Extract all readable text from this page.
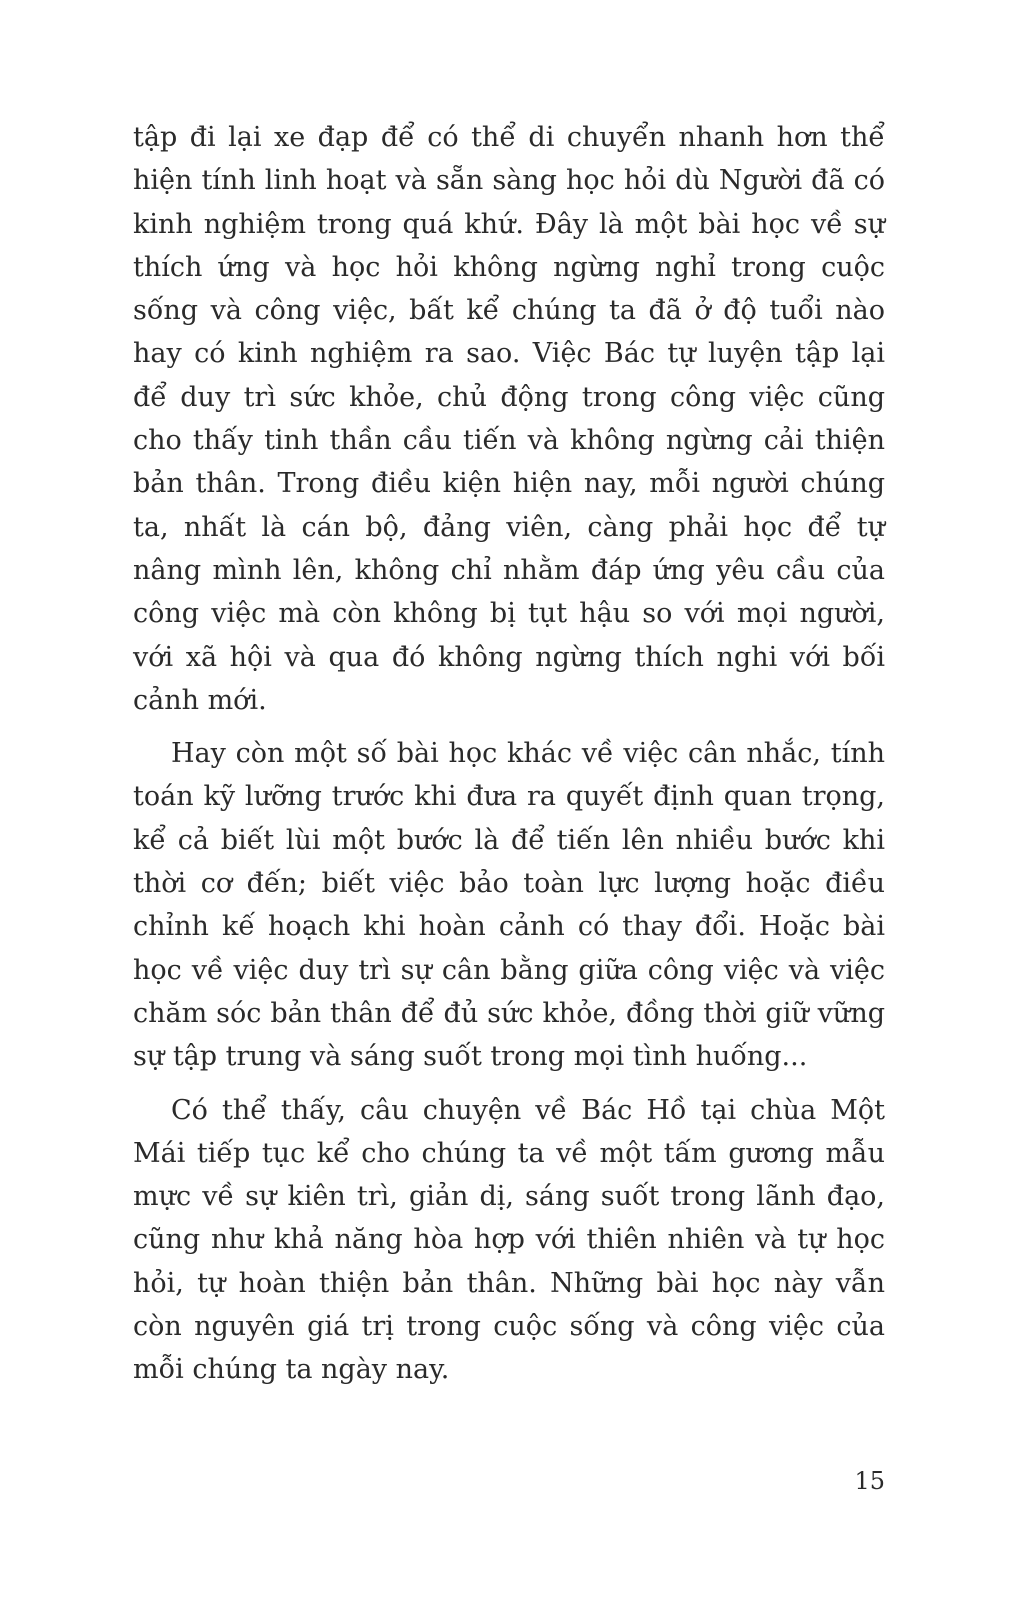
tập đi lại xe đạp để có thể di chuyển nhanh hơn thể hiện tính linh hoạt và sẵn sàng học hỏi dù Người đã có kinh nghiệm trong quá khứ. Đây là một bài học về sự thích ứng và học hỏi không ngừng nghỉ trong cuộc sống và công việc, bất kể chúng ta đã ở độ tuổi nào hay có kinh nghiệm ra sao. Việc Bác tự luyện tập lại để duy trì sức khỏe, chủ động trong công việc cũng cho thấy tinh thần cầu tiến và không ngừng cải thiện bản thân. Trong điều kiện hiện nay, mỗi người chúng ta, nhất là cán bộ, đảng viên, càng phải học để tự nâng mình lên, không chỉ nhằm đáp ứng yêu cầu của công việc mà còn không bị tụt hậu so với mọi người, với xã hội và qua đó không ngừng thích nghi với bối cảnh mới.

Hay còn một số bài học khác về việc cân nhắc, tính toán kỹ lưỡng trước khi đưa ra quyết định quan trọng, kể cả biết lùi một bước là để tiến lên nhiều bước khi thời cơ đến; biết việc bảo toàn lực lượng hoặc điều chỉnh kế hoạch khi hoàn cảnh có thay đổi. Hoặc bài học về việc duy trì sự cân bằng giữa công việc và việc chăm sóc bản thân để đủ sức khỏe, đồng thời giữ vững sự tập trung và sáng suốt trong mọi tình huống...

Có thể thấy, câu chuyện về Bác Hồ tại chùa Một Mái tiếp tục kể cho chúng ta về một tấm gương mẫu mực về sự kiên trì, giản dị, sáng suốt trong lãnh đạo, cũng như khả năng hòa hợp với thiên nhiên và tự học hỏi, tự hoàn thiện bản thân. Những bài học này vẫn còn nguyên giá trị trong cuộc sống và công việc của mỗi chúng ta ngày nay.

15
